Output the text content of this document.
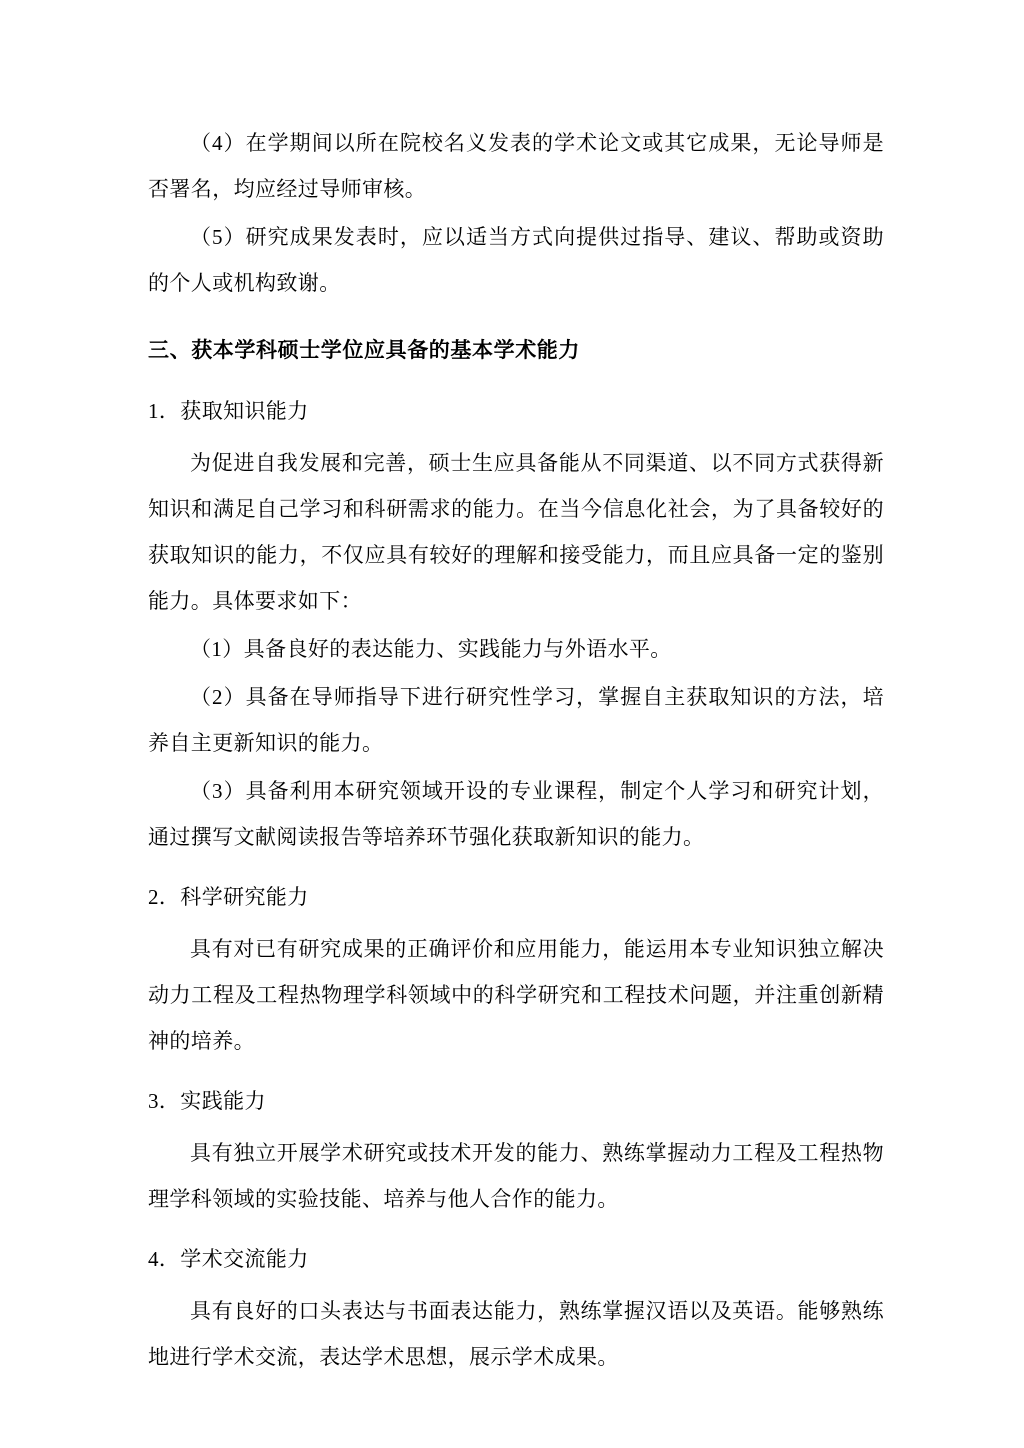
（4）在学期间以所在院校名义发表的学术论文或其它成果，无论导师是否署名，均应经过导师审核。

（5）研究成果发表时，应以适当方式向提供过指导、建议、帮助或资助的个人或机构致谢。

三、获本学科硕士学位应具备的基本学术能力

1．获取知识能力

为促进自我发展和完善，硕士生应具备能从不同渠道、以不同方式获得新知识和满足自己学习和科研需求的能力。在当今信息化社会，为了具备较好的获取知识的能力，不仅应具有较好的理解和接受能力，而且应具备一定的鉴别能力。具体要求如下：

（1）具备良好的表达能力、实践能力与外语水平。

（2）具备在导师指导下进行研究性学习，掌握自主获取知识的方法，培养自主更新知识的能力。

（3）具备利用本研究领域开设的专业课程，制定个人学习和研究计划，通过撰写文献阅读报告等培养环节强化获取新知识的能力。

2．科学研究能力

具有对已有研究成果的正确评价和应用能力，能运用本专业知识独立解决动力工程及工程热物理学科领域中的科学研究和工程技术问题，并注重创新精神的培养。

3．实践能力

具有独立开展学术研究或技术开发的能力、熟练掌握动力工程及工程热物理学科领域的实验技能、培养与他人合作的能力。

4．学术交流能力

具有良好的口头表达与书面表达能力，熟练掌握汉语以及英语。能够熟练地进行学术交流，表达学术思想，展示学术成果。
